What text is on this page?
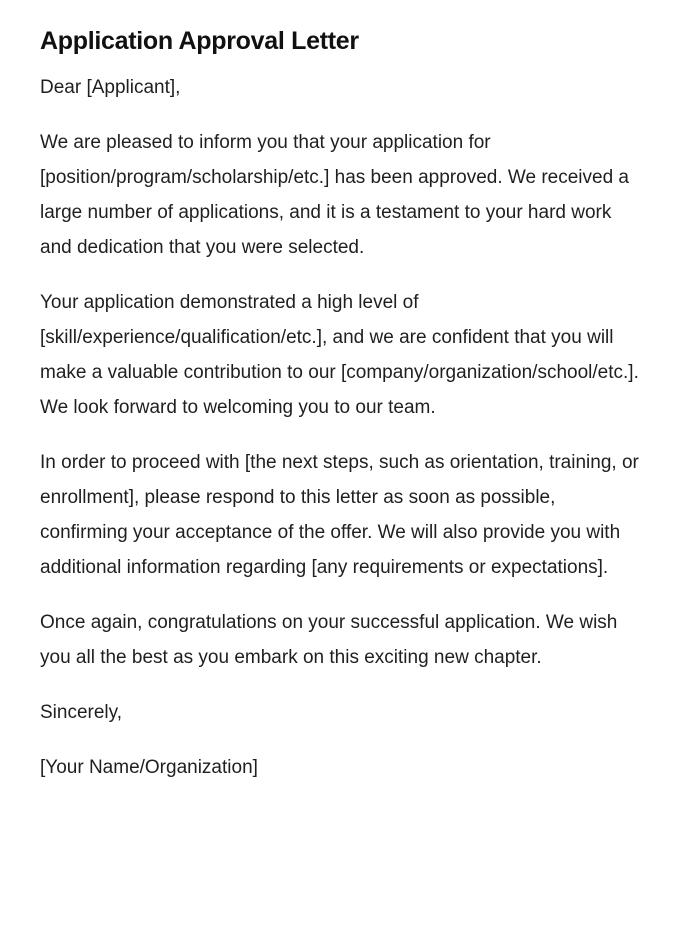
Application Approval Letter

Dear [Applicant],

We are pleased to inform you that your application for [position/program/scholarship/etc.] has been approved. We received a large number of applications, and it is a testament to your hard work and dedication that you were selected.

Your application demonstrated a high level of [skill/experience/qualification/etc.], and we are confident that you will make a valuable contribution to our [company/organization/school/etc.]. We look forward to welcoming you to our team.

In order to proceed with [the next steps, such as orientation, training, or enrollment], please respond to this letter as soon as possible, confirming your acceptance of the offer. We will also provide you with additional information regarding [any requirements or expectations].

Once again, congratulations on your successful application. We wish you all the best as you embark on this exciting new chapter.

Sincerely,

[Your Name/Organization]
